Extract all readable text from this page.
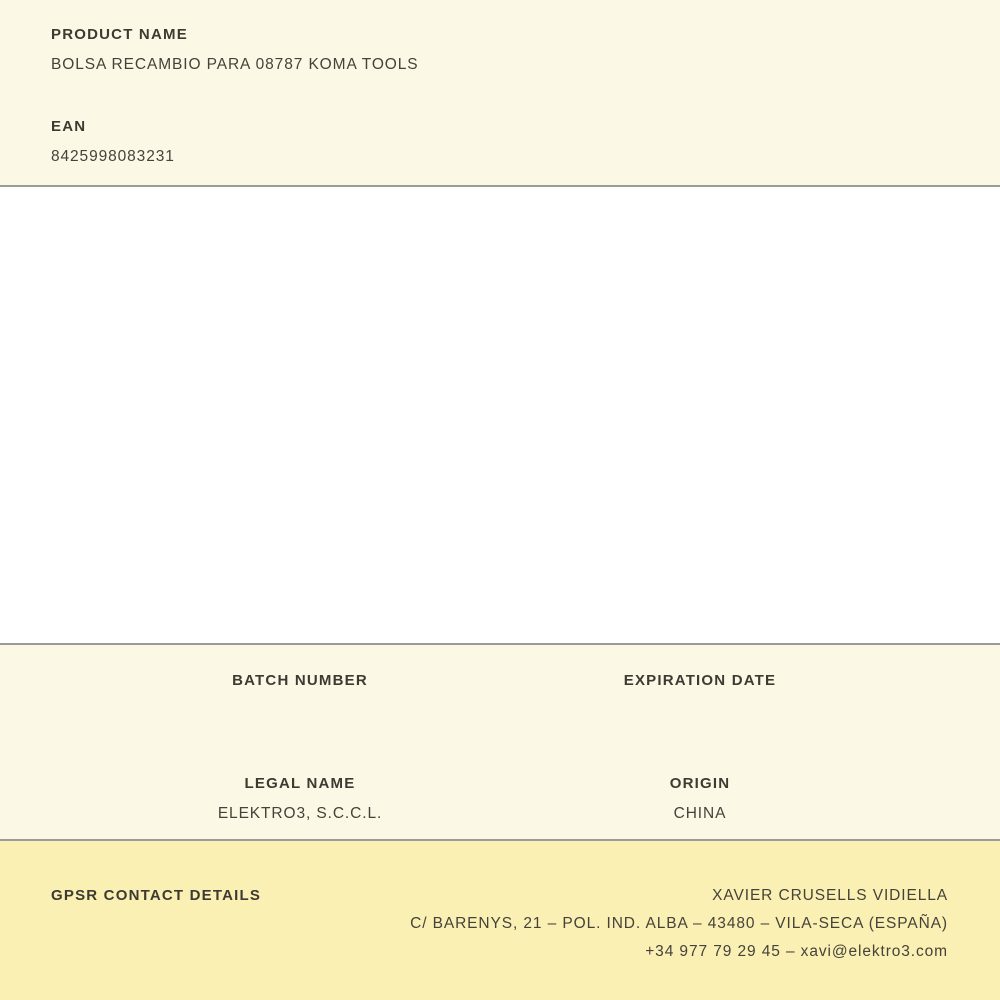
PRODUCT NAME
BOLSA RECAMBIO PARA 08787 KOMA TOOLS
EAN
8425998083231
BATCH NUMBER	EXPIRATION DATE
LEGAL NAME
ELEKTRO3, S.C.C.L.
ORIGIN
CHINA
GPSR CONTACT DETAILS	XAVIER CRUSELLS VIDIELLA
C/ BARENYS, 21 – POL. IND. ALBA – 43480 – VILA-SECA (ESPAÑA)
+34 977 79 29 45 – xavi@elektro3.com
